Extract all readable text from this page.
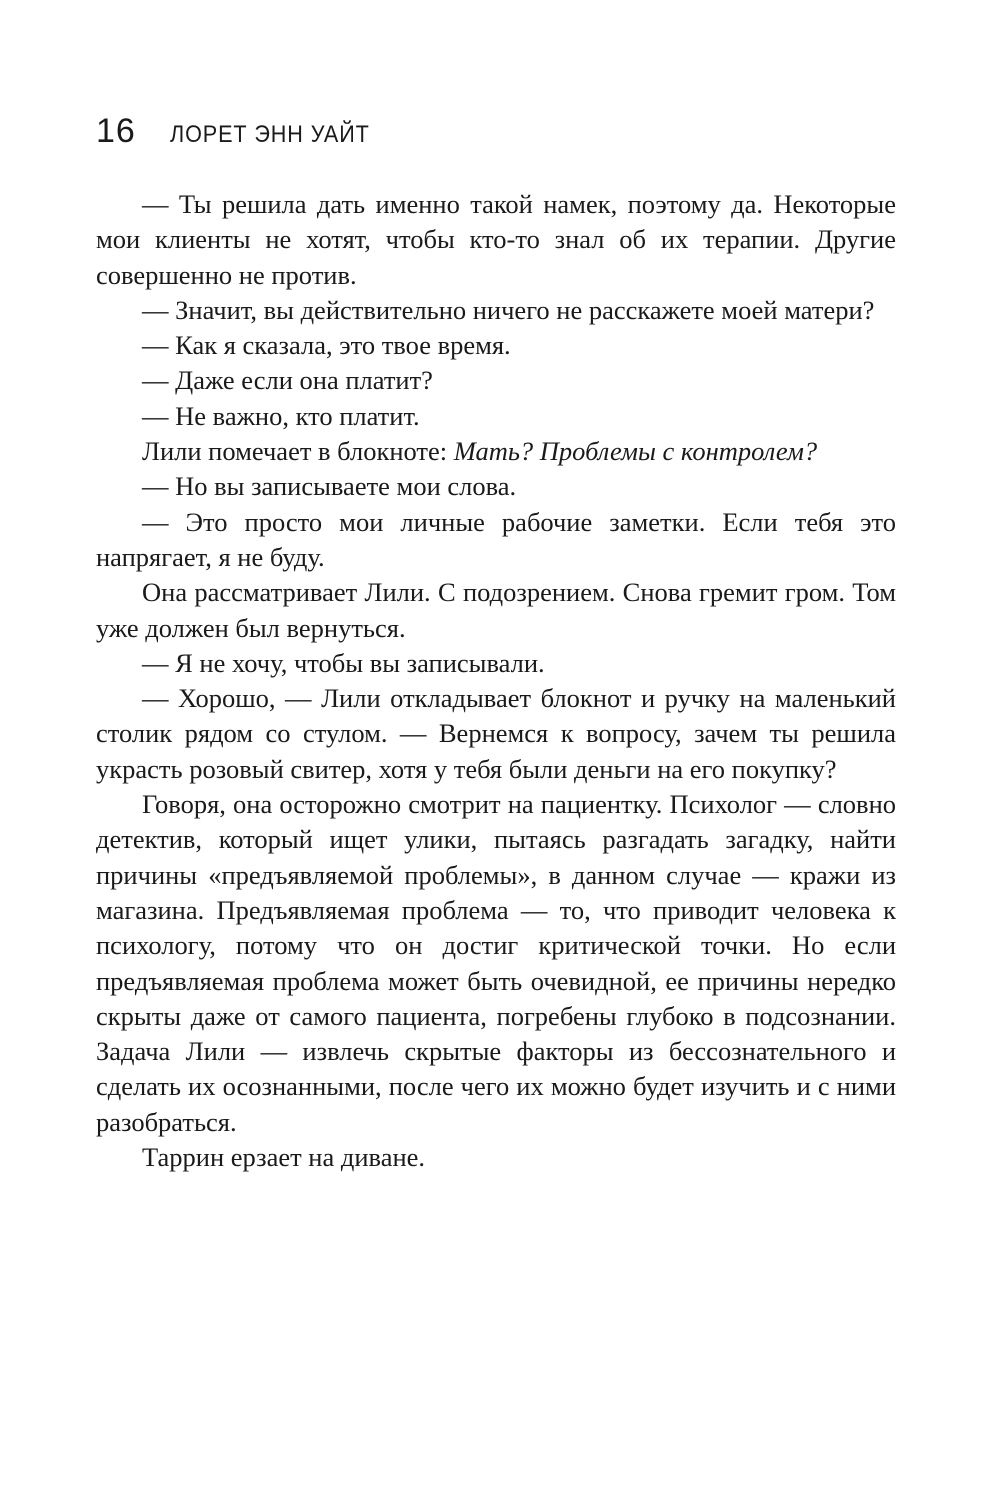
16 ЛОРЕТ ЭНН УАЙТ

— Ты решила дать именно такой намек, поэтому да. Некоторые мои клиенты не хотят, чтобы кто-то знал об их терапии. Другие совершенно не против.

— Значит, вы действительно ничего не расскажете моей матери?

— Как я сказала, это твое время.

— Даже если она платит?

— Не важно, кто платит.

Лили помечает в блокноте: Мать? Проблемы с контролем?

— Но вы записываете мои слова.

— Это просто мои личные рабочие заметки. Если тебя это напрягает, я не буду.

Она рассматривает Лили. С подозрением. Снова гремит гром. Том уже должен был вернуться.

— Я не хочу, чтобы вы записывали.

— Хорошо, — Лили откладывает блокнот и ручку на маленький столик рядом со стулом. — Вернемся к вопросу, зачем ты решила украсть розовый свитер, хотя у тебя были деньги на его покупку?

Говоря, она осторожно смотрит на пациентку. Психолог — словно детектив, который ищет улики, пытаясь разгадать загадку, найти причины «предъявляемой проблемы», в данном случае — кражи из магазина. Предъявляемая проблема — то, что приводит человека к психологу, потому что он достиг критической точки. Но если предъявляемая проблема может быть очевидной, ее причины нередко скрыты даже от самого пациента, погребены глубоко в подсознании. Задача Лили — извлечь скрытые факторы из бессознательного и сделать их осознанными, после чего их можно будет изучить и с ними разобраться.

Таррин ерзает на диване.
